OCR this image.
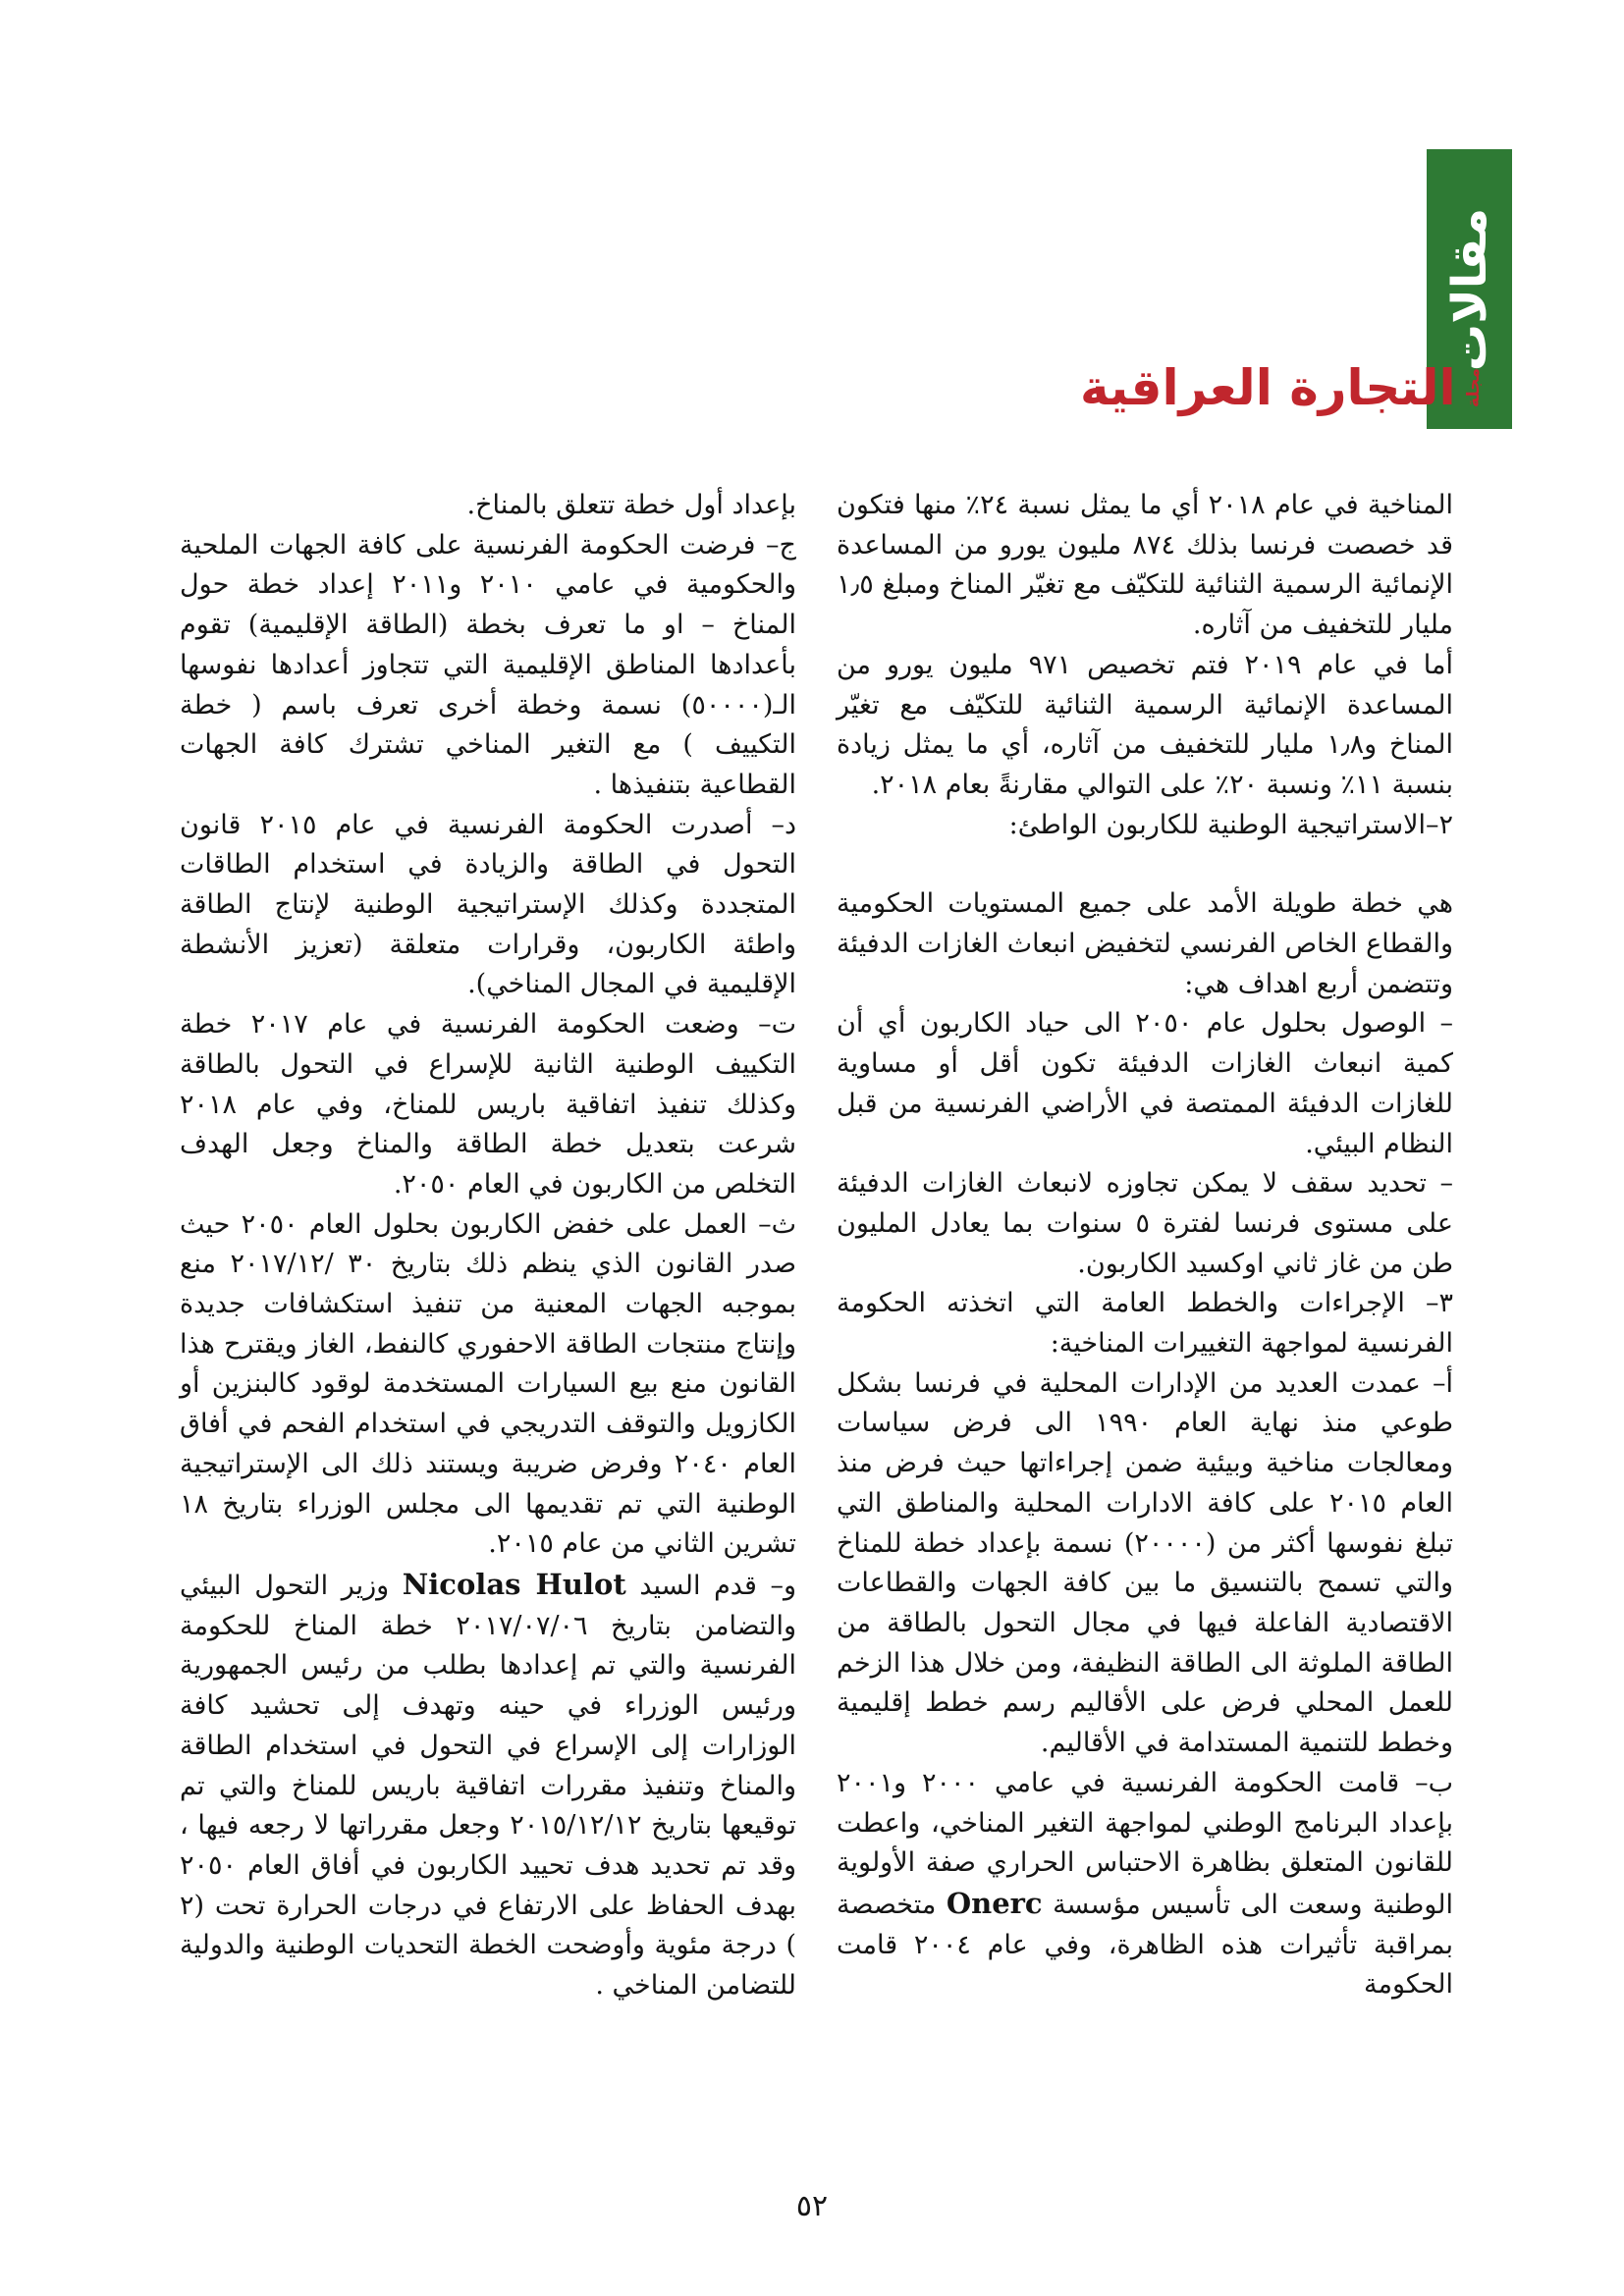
مقالات
مجلة
التجارة العراقية

المناخية في عام ٢٠١٨ أي ما يمثل نسبة ٢٤٪ منها فتكون قد خصصت فرنسا بذلك ٨٧٤ مليون يورو من المساعدة الإنمائية الرسمية الثنائية للتكيّف مع تغيّر المناخ ومبلغ ١٫٥ مليار للتخفيف من آثاره.

أما في عام ٢٠١٩ فتم تخصيص ٩٧١ مليون يورو من المساعدة الإنمائية الرسمية الثنائية للتكيّف مع تغيّر المناخ و١٫٨ مليار للتخفيف من آثاره، أي ما يمثل زيادة بنسبة ١١٪ ونسبة ٢٠٪ على التوالي مقارنةً بعام ٢٠١٨.

٢–الاستراتيجية الوطنية للكاربون الواطئ:

هي خطة طويلة الأمد على جميع المستويات الحكومية والقطاع الخاص الفرنسي لتخفيض انبعاث الغازات الدفيئة وتتضمن أربع اهداف هي:

– الوصول بحلول عام ٢٠٥٠ الى حياد الكاربون أي أن كمية انبعاث الغازات الدفيئة تكون أقل أو مساوية للغازات الدفيئة الممتصة في الأراضي الفرنسية من قبل النظام البيئي.

– تحديد سقف لا يمكن تجاوزه لانبعاث الغازات الدفيئة على مستوى فرنسا لفترة ٥ سنوات بما يعادل المليون طن من غاز ثاني اوكسيد الكاربون.

٣– الإجراءات والخطط العامة التي اتخذته الحكومة الفرنسية لمواجهة التغييرات المناخية:

أ– عمدت العديد من الإدارات المحلية في فرنسا بشكل طوعي منذ نهاية العام ١٩٩٠ الى فرض سياسات ومعالجات مناخية وبيئية ضمن إجراءاتها حيث فرض منذ العام ٢٠١٥ على كافة الادارات المحلية والمناطق التي تبلغ نفوسها أكثر من (٢٠٠٠٠) نسمة بإعداد خطة للمناخ والتي تسمح بالتنسيق ما بين كافة الجهات والقطاعات الاقتصادية الفاعلة فيها في مجال التحول بالطاقة من الطاقة الملوثة الى الطاقة النظيفة، ومن خلال هذا الزخم للعمل المحلي فرض على الأقاليم رسم خطط إقليمية وخطط للتنمية المستدامة في الأقاليم.

ب– قامت الحكومة الفرنسية في عامي ٢٠٠٠ و٢٠٠١ بإعداد البرنامج الوطني لمواجهة التغير المناخي، واعطت للقانون المتعلق بظاهرة الاحتباس الحراري صفة الأولوية الوطنية وسعت الى تأسيس مؤسسة Onerc متخصصة بمراقبة تأثيرات هذه الظاهرة، وفي عام ٢٠٠٤ قامت الحكومة

بإعداد أول خطة تتعلق بالمناخ.

ج– فرضت الحكومة الفرنسية على كافة الجهات الملحية والحكومية في عامي ٢٠١٠ و٢٠١١ إعداد خطة حول المناخ – او ما تعرف بخطة (الطاقة الإقليمية) تقوم بأعدادها المناطق الإقليمية التي تتجاوز أعدادها نفوسها الـ(٥٠٠٠٠) نسمة وخطة أخرى تعرف باسم ( خطة التكييف ) مع التغير المناخي تشترك كافة الجهات القطاعية بتنفيذها .

د– أصدرت الحكومة الفرنسية في عام ٢٠١٥ قانون التحول في الطاقة والزيادة في استخدام الطاقات المتجددة وكذلك الإستراتيجية الوطنية لإنتاج الطاقة واطئة الكاربون، وقرارات متعلقة (تعزيز الأنشطة الإقليمية في المجال المناخي).

ت– وضعت الحكومة الفرنسية في عام ٢٠١٧ خطة التكييف الوطنية الثانية للإسراع في التحول بالطاقة وكذلك تنفيذ اتفاقية باريس للمناخ، وفي عام ٢٠١٨ شرعت بتعديل خطة الطاقة والمناخ وجعل الهدف التخلص من الكاربون في العام ٢٠٥٠.

ث– العمل على خفض الكاربون بحلول العام ٢٠٥٠ حيث صدر القانون الذي ينظم ذلك بتاريخ ٣٠ /٢٠١٧/١٢ منع بموجبه الجهات المعنية من تنفيذ استكشافات جديدة وإنتاج منتجات الطاقة الاحفوري كالنفط، الغاز ويقترح هذا القانون منع بيع السيارات المستخدمة لوقود كالبنزين أو الكازويل والتوقف التدريجي في استخدام الفحم في أفاق العام ٢٠٤٠ وفرض ضريبة ويستند ذلك الى الإستراتيجية الوطنية التي تم تقديمها الى مجلس الوزراء بتاريخ ١٨ تشرين الثاني من عام ٢٠١٥.

و– قدم السيد Nicolas Hulot وزير التحول البيئي والتضامن بتاريخ ٢٠١٧/٠٧/٠٦ خطة المناخ للحكومة الفرنسية والتي تم إعدادها بطلب من رئيس الجمهورية ورئيس الوزراء في حينه وتهدف إلى تحشيد كافة الوزارات إلى الإسراع في التحول في استخدام الطاقة والمناخ وتنفيذ مقررات اتفاقية باريس للمناخ والتي تم توقيعها بتاريخ ٢٠١٥/١٢/١٢ وجعل مقرراتها لا رجعه فيها ، وقد تم تحديد هدف تحييد الكاربون في أفاق العام ٢٠٥٠ بهدف الحفاظ على الارتفاع في درجات الحرارة تحت (٢ ) درجة مئوية وأوضحت الخطة التحديات الوطنية والدولية للتضامن المناخي .

٥٢
